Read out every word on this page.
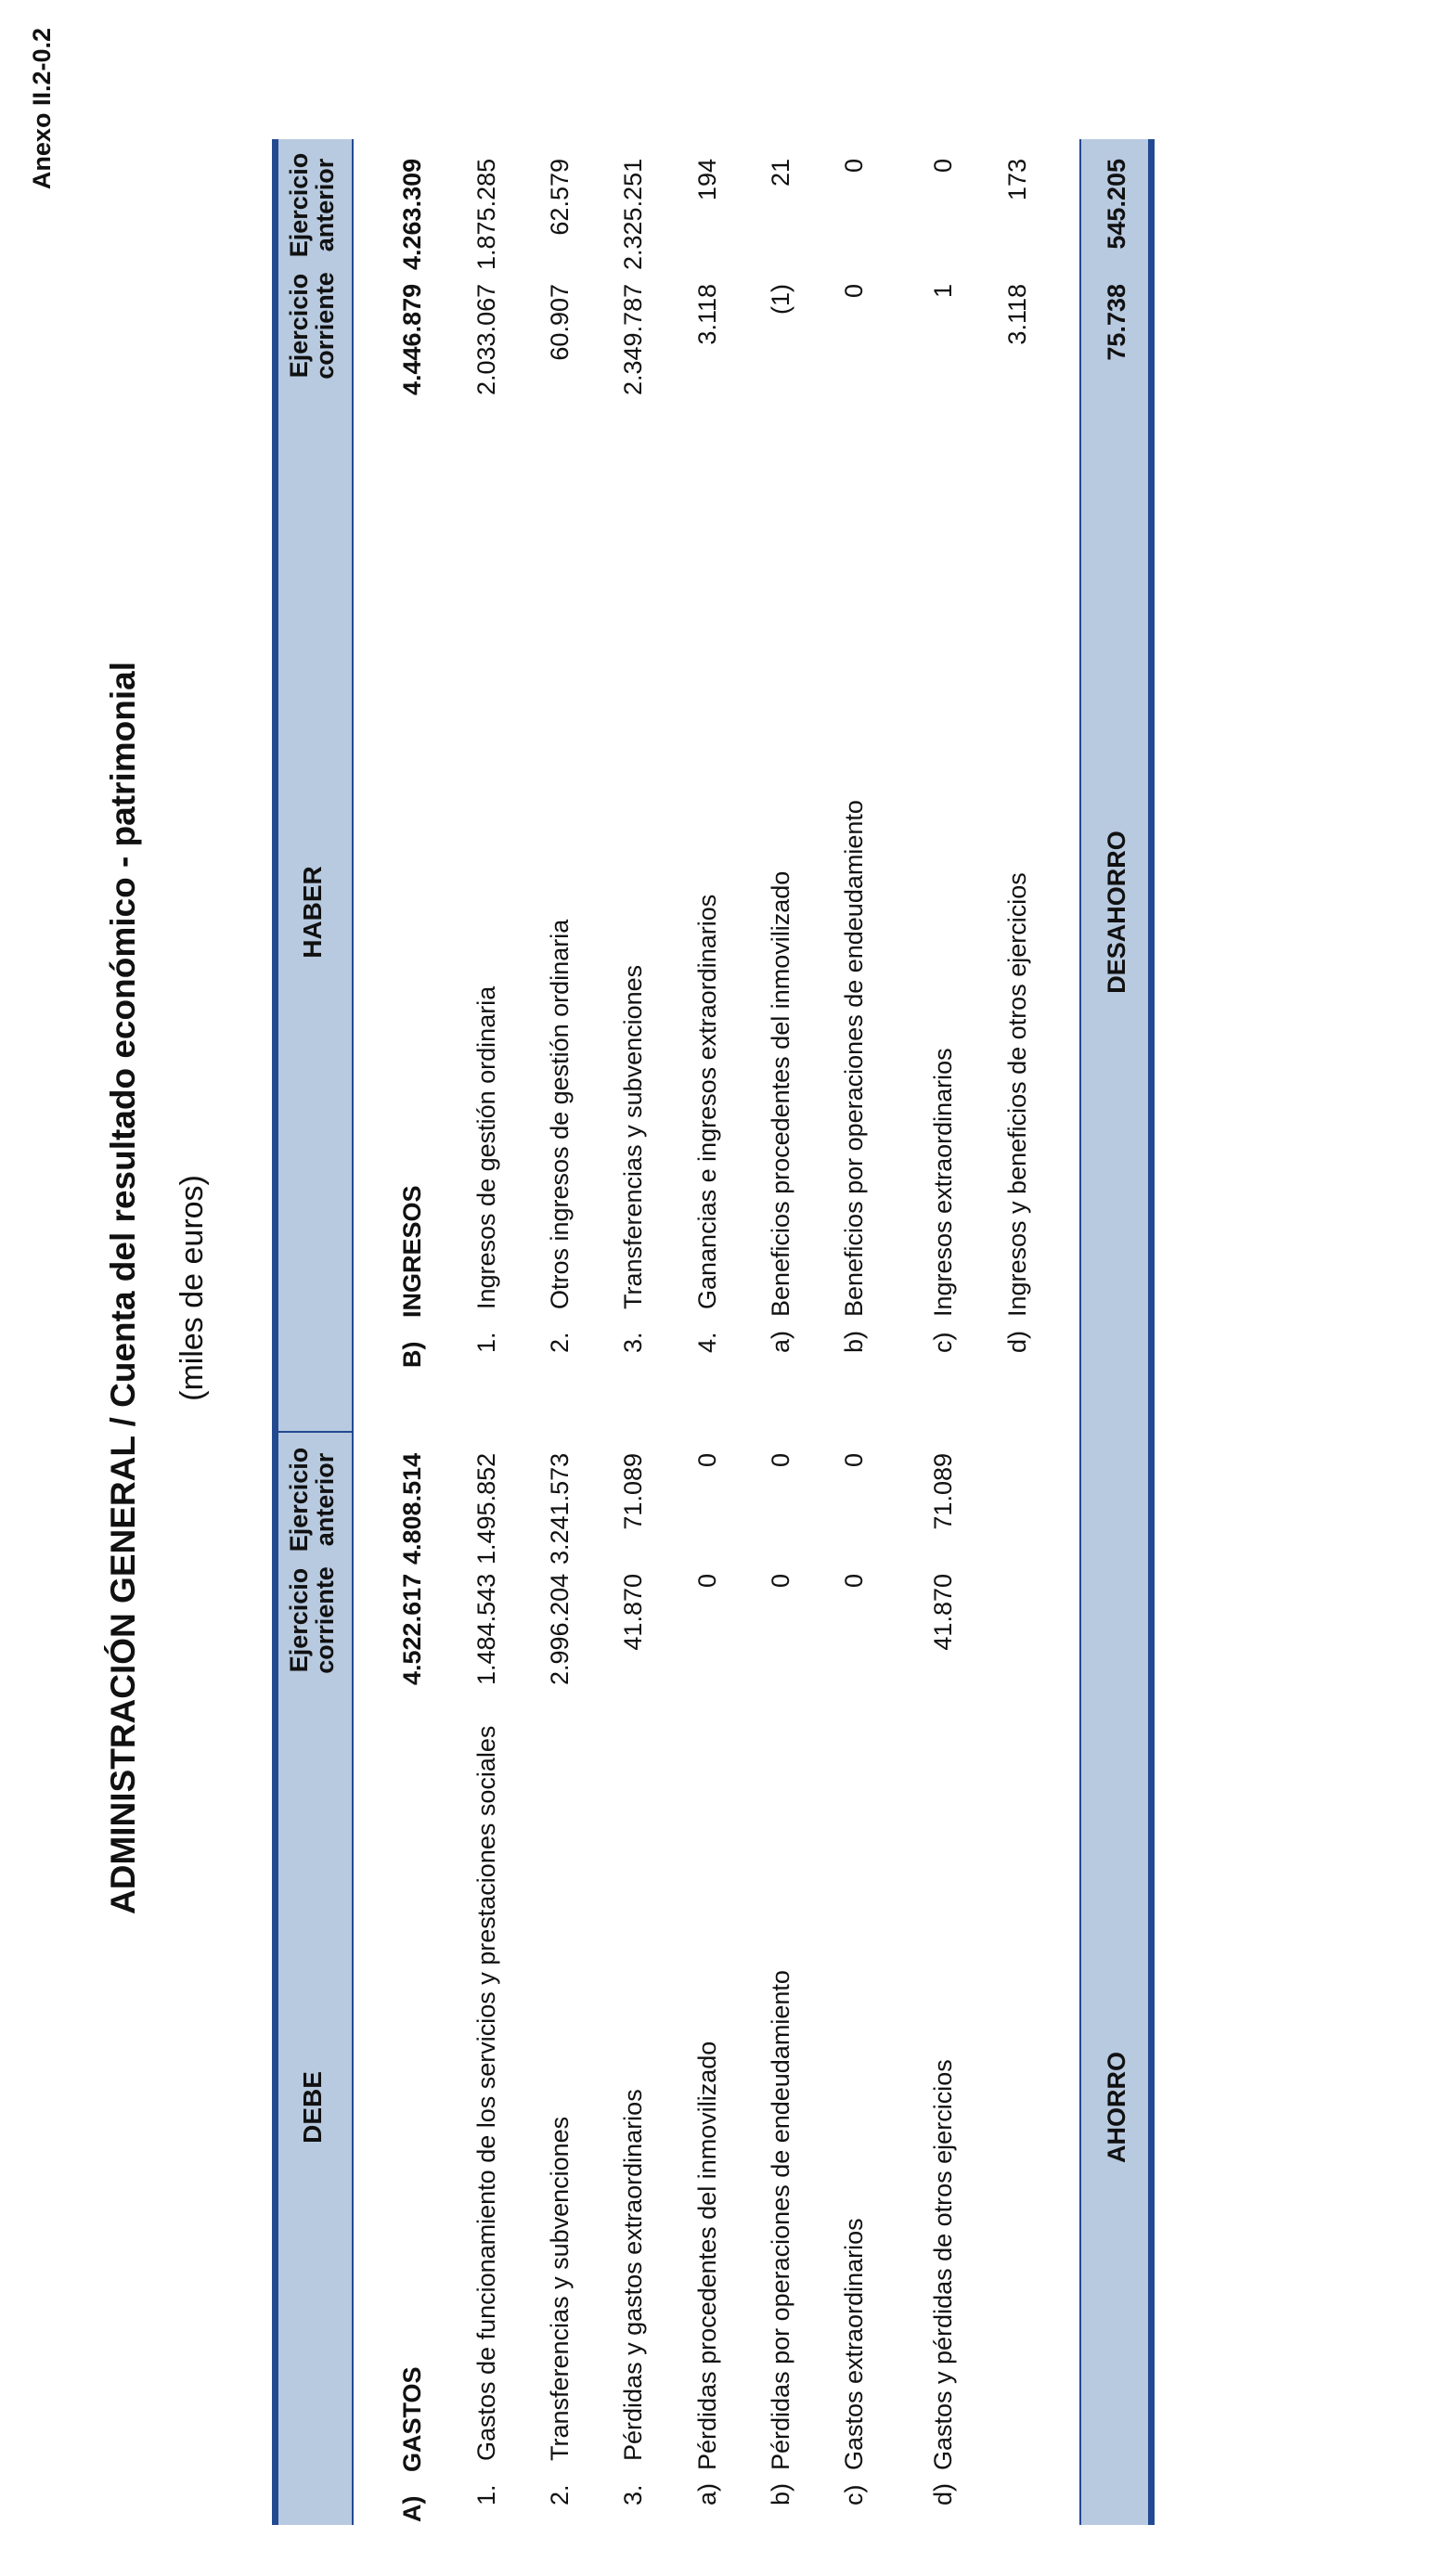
Anexo II.2-0.2
ADMINISTRACIÓN GENERAL / Cuenta del resultado económico - patrimonial (miles de euros)
DEBE
Ejercicio corriente
Ejercicio anterior
HABER
Ejercicio corriente
Ejercicio anterior
A)
GASTOS
4.522.617
4.808.514
1.
Gastos de funcionamiento de los servicios y prestaciones sociales
1.484.543
1.495.852
2.
Transferencias y subvenciones
2.996.204
3.241.573
3.
Pérdidas y gastos extraordinarios
41.870
71.089
a)
Pérdidas procedentes del inmovilizado
0
0
b)
Pérdidas por operaciones de endeudamiento
0
0
c)
Gastos extraordinarios
0
0
d)
Gastos y pérdidas de otros ejercicios
41.870
71.089
B)
INGRESOS
4.446.879
4.263.309
1.
Ingresos de gestión ordinaria
2.033.067
1.875.285
2.
Otros ingresos de gestión ordinaria
60.907
62.579
3.
Transferencias y subvenciones
2.349.787
2.325.251
4.
Ganancias e ingresos extraordinarios
3.118
194
a)
Beneficios procedentes del inmovilizado
(1)
21
b)
Beneficios por operaciones de endeudamiento
0
0
c)
Ingresos extraordinarios
1
0
d)
Ingresos y beneficios de otros ejercicios
3.118
173
AHORRO
DESAHORRO
75.738
545.205
